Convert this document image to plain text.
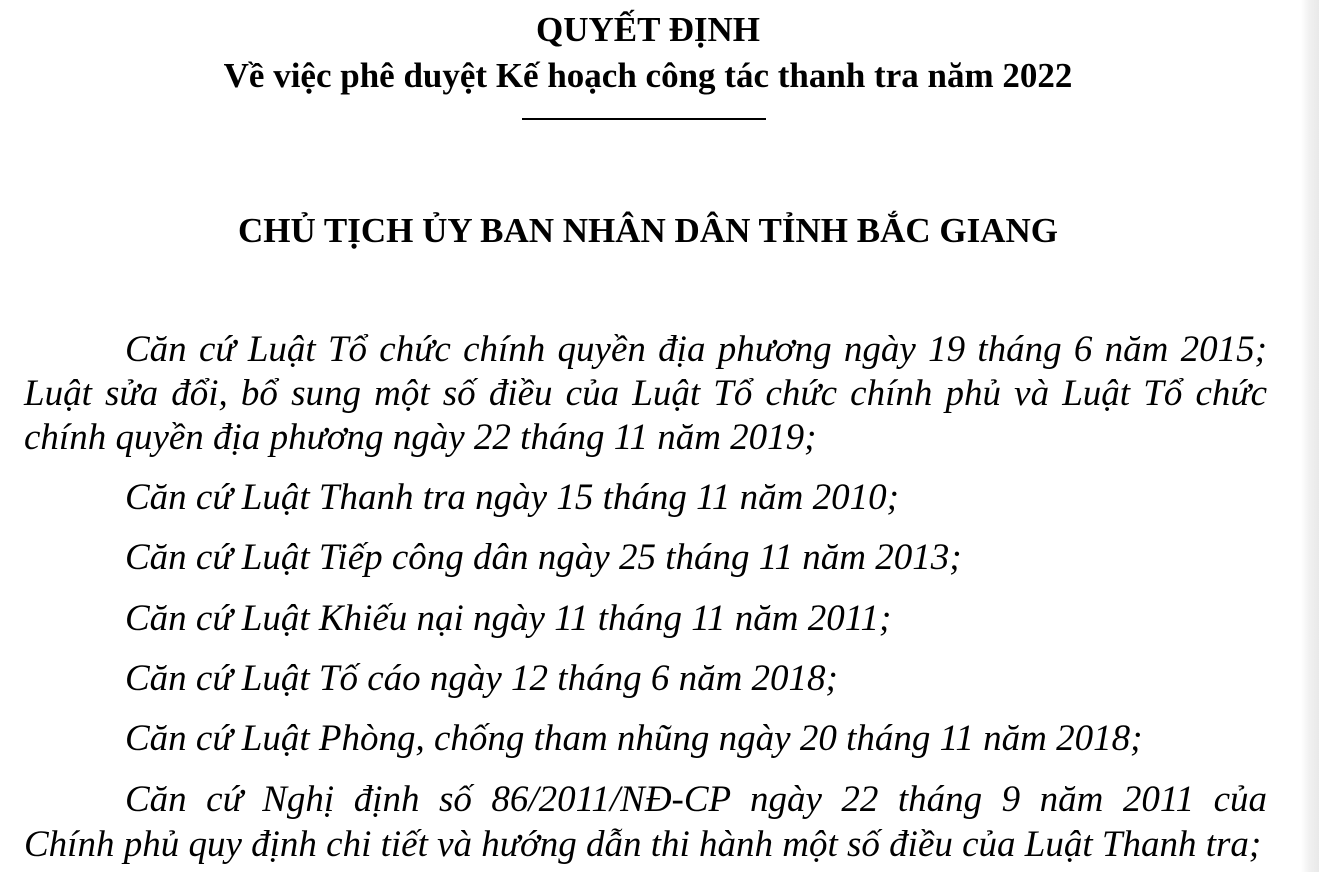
QUYẾT ĐỊNH
Về việc phê duyệt Kế hoạch công tác thanh tra năm 2022
CHỦ TỊCH ỦY BAN NHÂN DÂN TỈNH BẮC GIANG
Căn cứ Luật Tổ chức chính quyền địa phương ngày 19 tháng 6 năm 2015;
Luật sửa đổi, bổ sung một số điều của Luật Tổ chức chính phủ và Luật Tổ chức
chính quyền địa phương ngày 22 tháng 11 năm 2019;
Căn cứ Luật Thanh tra ngày 15 tháng 11 năm 2010;
Căn cứ Luật Tiếp công dân ngày 25 tháng 11 năm 2013;
Căn cứ Luật Khiếu nại ngày 11 tháng 11 năm 2011;
Căn cứ Luật Tố cáo ngày 12 tháng 6 năm 2018;
Căn cứ Luật Phòng, chống tham nhũng ngày 20 tháng 11 năm 2018;
Căn cứ Nghị định số 86/2011/NĐ-CP ngày 22 tháng 9 năm 2011 của
Chính phủ quy định chi tiết và hướng dẫn thi hành một số điều của Luật Thanh tra;
